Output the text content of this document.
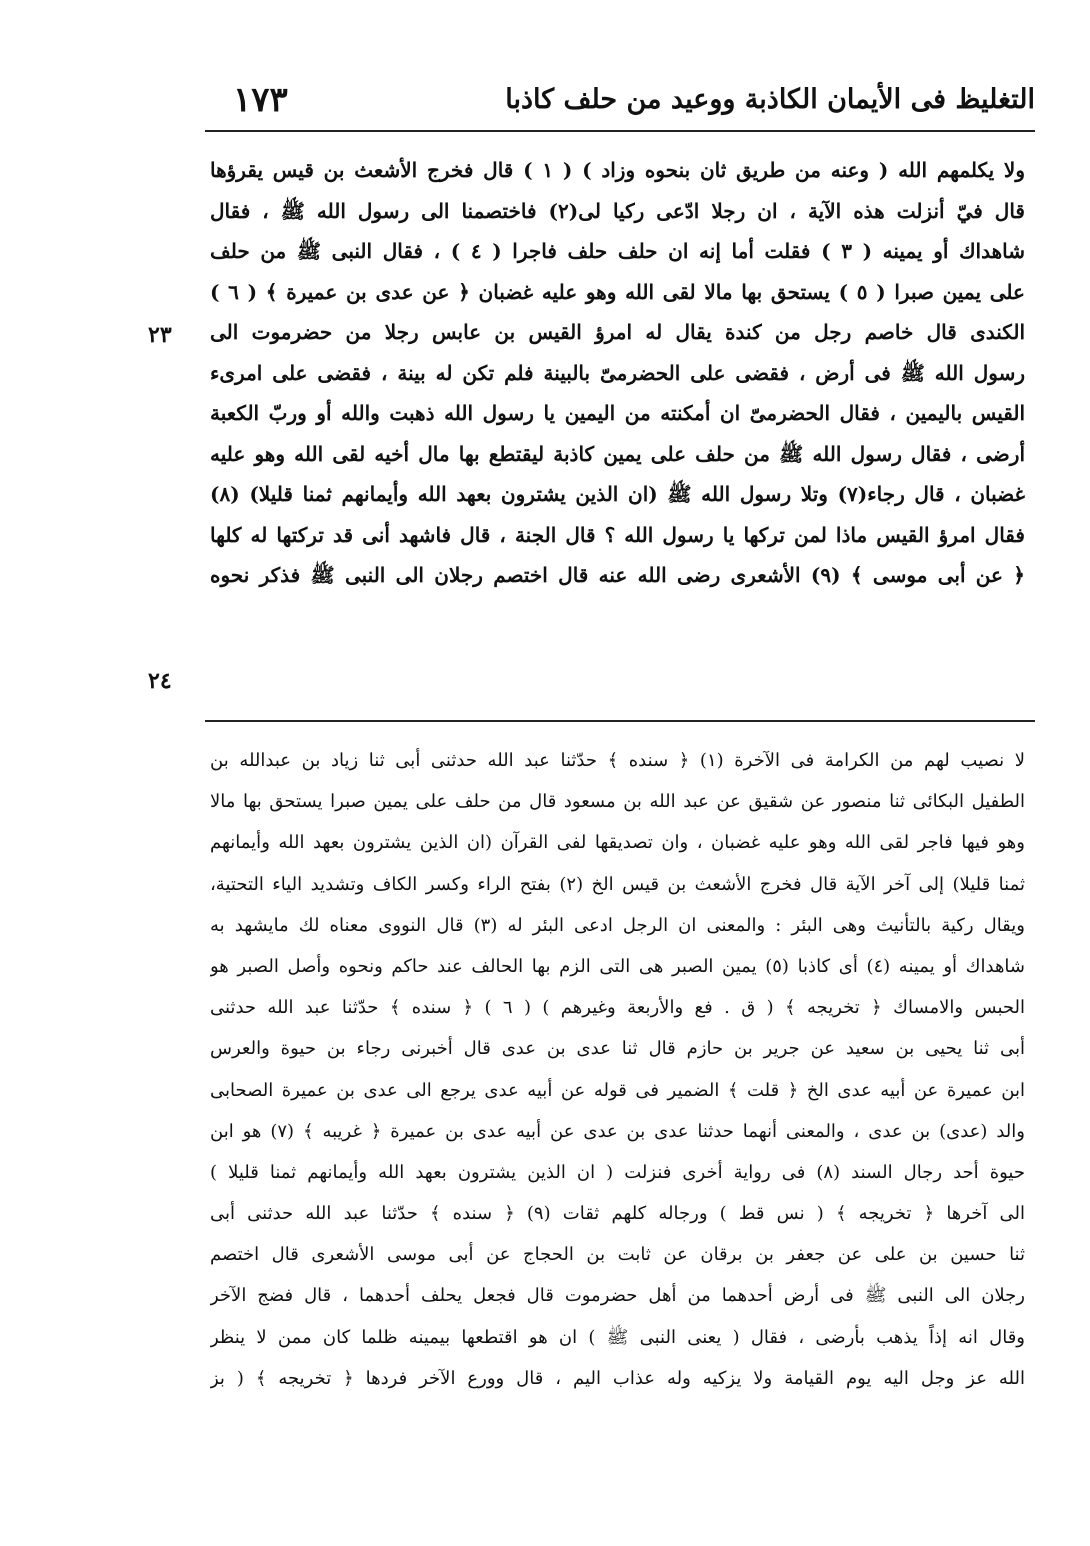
التغليظ فى الأيمان الكاذبة ووعيد من حلف كاذبا
١٧٣
٢٣
٢٤
ولا يكلمهم الله ( وعنه من طريق ثان بنحوه وزاد ) ( ١ ) قال فخرج الأشعث بن قيس يقرؤها
قال فيّ أنزلت هذه الآية ، ان رجلا ادّعى ركيا لى(٢) فاختصمنا الى رسول الله ﷺ ، فقال
شاهداك أو يمينه ( ٣ ) فقلت أما إنه ان حلف حلف فاجرا ( ٤ ) ، فقال النبى ﷺ من حلف
على يمين صبرا ( ٥ ) يستحق بها مالا لقى الله وهو عليه غضبان ﴿ عن عدى بن عميرة ﴾ ( ٦ )
الكندى قال خاصم رجل من كندة يقال له امرؤ القيس بن عابس رجلا من حضرموت الى
رسول الله ﷺ فى أرض ، فقضى على الحضرمىّ بالبينة فلم تكن له بينة ، فقضى على امرىء
القيس باليمين ، فقال الحضرمىّ ان أمكنته من اليمين يا رسول الله ذهبت والله أو وربّ الكعبة
أرضى ، فقال رسول الله ﷺ من حلف على يمين كاذبة ليقتطع بها مال أخيه لقى الله وهو عليه
غضبان ، قال رجاء(٧) وتلا رسول الله ﷺ (ان الذين يشترون بعهد الله وأيمانهم ثمنا قليلا) (٨)
فقال امرؤ القيس ماذا لمن تركها يا رسول الله ؟ قال الجنة ، قال فاشهد أنى قد تركتها له كلها
﴿ عن أبى موسى ﴾ (٩) الأشعرى رضى الله عنه قال اختصم رجلان الى النبى ﷺ فذكر نحوه
لا نصيب لهم من الكرامة فى الآخرة (١) ﴿ سنده ﴾ حدّثنا عبد الله حدثنى أبى ثنا زياد بن عبدالله بن
الطفيل البكائى ثنا منصور عن شقيق عن عبد الله بن مسعود قال من حلف على يمين صبرا يستحق بها مالا
وهو فيها فاجر لقى الله وهو عليه غضبان ، وان تصديقها لفى القرآن (ان الذين يشترون بعهد الله وأيمانهم
ثمنا قليلا) إلى آخر الآية قال فخرج الأشعث بن قيس الخ (٢) بفتح الراء وكسر الكاف وتشديد الياء التحتية،
ويقال ركية بالتأنيث وهى البئر : والمعنى ان الرجل ادعى البئر له (٣) قال النووى معناه لك مايشهد به
شاهداك أو يمينه (٤) أى كاذبا (٥) يمين الصبر هى التى الزم بها الحالف عند حاكم ونحوه وأصل الصبر هو
الحبس والامساك ﴿ تخريجه ﴾ ( ق . فع والأربعة وغيرهم ) ( ٦ ) ﴿ سنده ﴾ حدّثنا عبد الله حدثنى
أبى ثنا يحيى بن سعيد عن جرير بن حازم قال ثنا عدى بن عدى قال أخبرنى رجاء بن حيوة والعرس
ابن عميرة عن أبيه عدى الخ ﴿ قلت ﴾ الضمير فى قوله عن أبيه عدى يرجع الى عدى بن عميرة الصحابى
والد (عدى) بن عدى ، والمعنى أنهما حدثنا عدى بن عدى عن أبيه عدى بن عميرة ﴿ غريبه ﴾ (٧) هو ابن
حيوة أحد رجال السند (٨) فى رواية أخرى فنزلت ( ان الذين يشترون بعهد الله وأيمانهم ثمنا قليلا )
الى آخرها ﴿ تخريجه ﴾ ( نس قط ) ورجاله كلهم ثقات (٩) ﴿ سنده ﴾ حدّثنا عبد الله حدثنى أبى
ثنا حسين بن على عن جعفر بن برقان عن ثابت بن الحجاج عن أبى موسى الأشعرى قال اختصم
رجلان الى النبى ﷺ فى أرض أحدهما من أهل حضرموت قال فجعل يحلف أحدهما ، قال فضج الآخر
وقال انه إذاً يذهب بأرضى ، فقال ( يعنى النبى ﷺ ) ان هو اقتطعها بيمينه ظلما كان ممن لا ينظر
الله عز وجل اليه يوم القيامة ولا يزكيه وله عذاب اليم ، قال وورع الآخر فردها ﴿ تخريجه ﴾ ( بز
